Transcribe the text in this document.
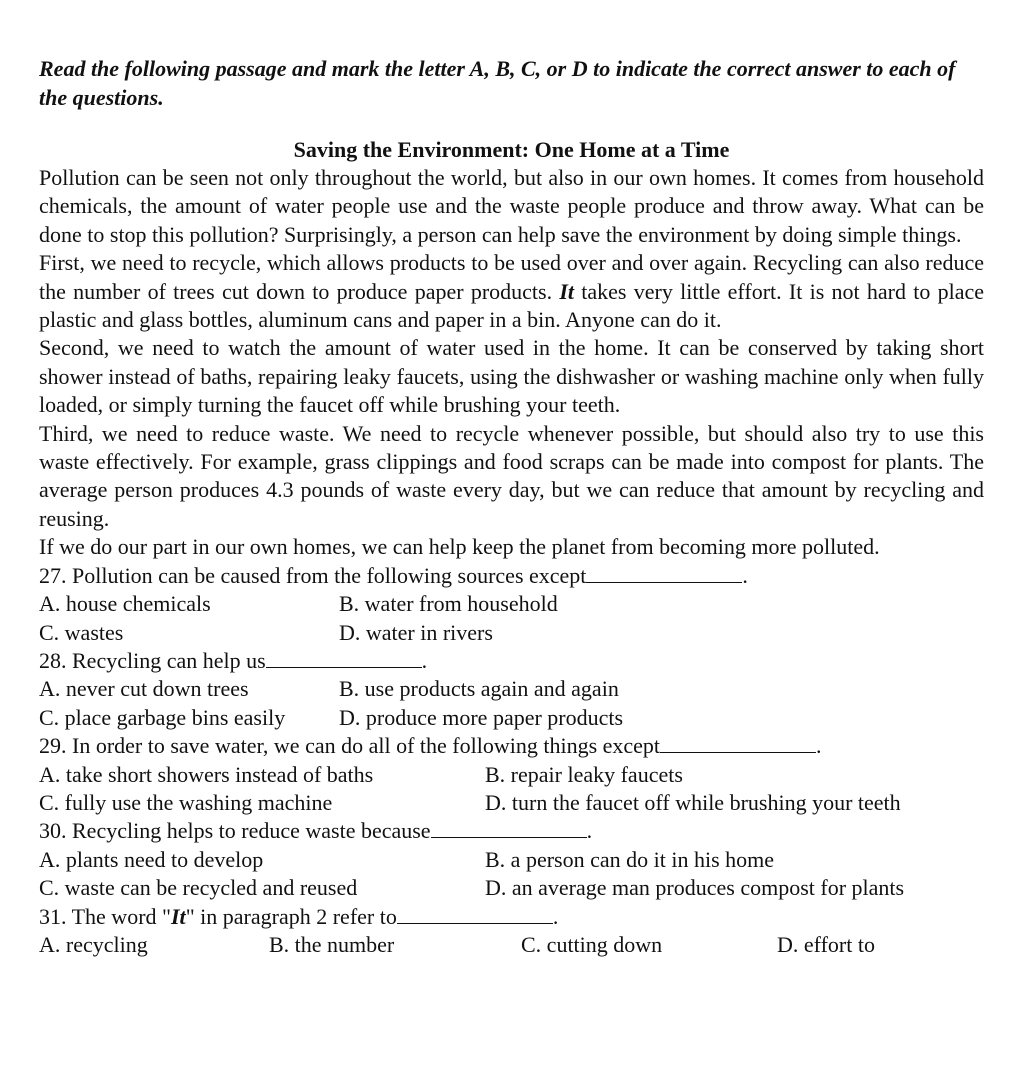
Read the following passage and mark the letter A, B, C, or D to indicate the correct answer to each of the questions.
Saving the Environment: One Home at a Time

Pollution can be seen not only throughout the world, but also in our own homes. It comes from household chemicals, the amount of water people use and the waste people produce and throw away. What can be done to stop this pollution? Surprisingly, a person can help save the environment by doing simple things.

First, we need to recycle, which allows products to be used over and over again. Recycling can also reduce the number of trees cut down to produce paper products. It takes very little effort. It is not hard to place plastic and glass bottles, aluminum cans and paper in a bin. Anyone can do it.

Second, we need to watch the amount of water used in the home. It can be conserved by taking short shower instead of baths, repairing leaky faucets, using the dishwasher or washing machine only when fully loaded, or simply turning the faucet off while brushing your teeth.

Third, we need to reduce waste. We need to recycle whenever possible, but should also try to use this waste effectively. For example, grass clippings and food scraps can be made into compost for plants. The average person produces 4.3 pounds of waste every day, but we can reduce that amount by recycling and reusing.

If we do our part in our own homes, we can help keep the planet from becoming more polluted.

27. Pollution can be caused from the following sources except	.
A. house chemicals	B. water from household
C. wastes	D. water in rivers
28. Recycling can help us	.
A. never cut down trees	B. use products again and again
C. place garbage bins easily	D. produce more paper products
29. In order to save water, we can do all of the following things except	.
A. take short showers instead of baths	B. repair leaky faucets
C. fully use the washing machine	D. turn the faucet off while brushing your teeth
30. Recycling helps to reduce waste because	.
A. plants need to develop	B. a person can do it in his home
C. waste can be recycled and reused	D. an average man produces compost for plants
31. The word "It" in paragraph 2 refer to	.
A. recycling	B. the number	C. cutting down	D. effort to
